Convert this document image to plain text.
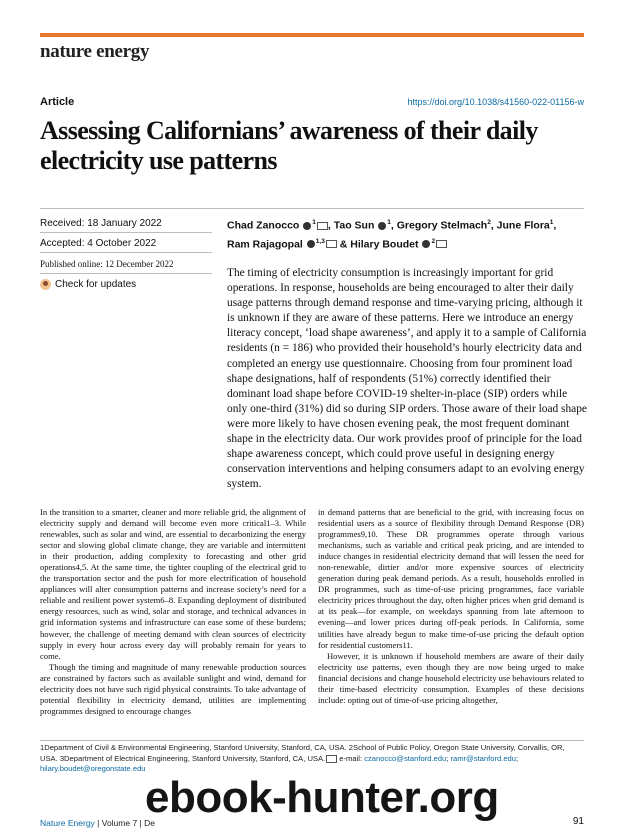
nature energy
Article	https://doi.org/10.1038/s41560-022-01156-w
Assessing Californians’ awareness of their daily electricity use patterns
Received: 18 January 2022
Accepted: 4 October 2022
Published online: 12 December 2022
Check for updates
Chad Zanocco $^1$ , Tao Sun $^1$, Gregory Stelmach$^2$, June Flora$^1$,
Ram Rajagopal $^{1,3}$ & Hilary Boudet $^2$
The timing of electricity consumption is increasingly important for grid operations. In response, households are being encouraged to alter their daily usage patterns through demand response and time-varying pricing, although it is unknown if they are aware of these patterns. Here we introduce an energy literacy concept, ‘load shape awareness’, and apply it to a sample of California residents (n = 186) who provided their household’s hourly electricity data and completed an energy use questionnaire. Choosing from four prominent load shape designations, half of respondents (51%) correctly identified their dominant load shape before COVID-19 shelter-in-place (SIP) orders while only one-third (31%) did so during SIP orders. Those aware of their load shape were more likely to have chosen evening peak, the most frequent dominant shape in the electricity data. Our work provides proof of principle for the load shape awareness concept, which could prove useful in designing energy conservation interventions and helping consumers adapt to an evolving energy system.

In the transition to a smarter, cleaner and more reliable grid, the alignment of electricity supply and demand will become even more critical1–3. While renewables, such as solar and wind, are essential to decarbonizing the energy sector and slowing global climate change, they are variable and intermittent in their production, adding complexity to forecasting and other grid operations4,5. At the same time, the tighter coupling of the electrical grid to the transportation sector and the push for more electrification of household appliances will alter consumption patterns and increase society’s need for a reliable and resilient power system6–8. Expanding deployment of distributed energy resources, such as wind, solar and storage, and technical advances in grid information systems and infrastructure can ease some of these burdens; however, the challenge of meeting demand with clean sources of electricity supply in every hour across every day will probably remain for years to come.

Though the timing and magnitude of many renewable production sources are constrained by factors such as available sunlight and wind, demand for electricity does not have such rigid physical constraints. To take advantage of potential flexibility in electricity demand, utilities are implementing programmes designed to encourage changes

in demand patterns that are beneficial to the grid, with increasing focus on residential users as a source of flexibility through Demand Response (DR) programmes9,10. These DR programmes operate through various mechanisms, such as variable and critical peak pricing, and are intended to induce changes in residential electricity demand that will lessen the need for non-renewable, dirtier and/or more expensive sources of electricity generation during peak demand periods. As a result, households enrolled in DR programmes, such as time-of-use pricing programmes, face variable electricity prices throughout the day, often higher prices when grid demand is at its peak—for example, on weekdays spanning from late afternoon to evening—and lower prices during off-peak periods. In California, some utilities have already begun to make time-of-use pricing the default option for residential customers11.

However, it is unknown if household members are aware of their daily electricity use patterns, even though they are now being urged to make financial decisions and change household electricity use behaviours related to their time-based electricity consumption. Examples of these decisions include: opting out of time-of-use pricing altogether,

1Department of Civil & Environmental Engineering, Stanford University, Stanford, CA, USA. 2School of Public Policy, Oregon State University, Corvallis, OR, USA. 3Department of Electrical Engineering, Stanford University, Stanford, CA, USA. e-mail: czanocco@stanford.edu; ramr@stanford.edu;
hilary.boudet@oregonstate.edu
Nature Energy | Volume 7 | De	91
ebook-hunter.org
